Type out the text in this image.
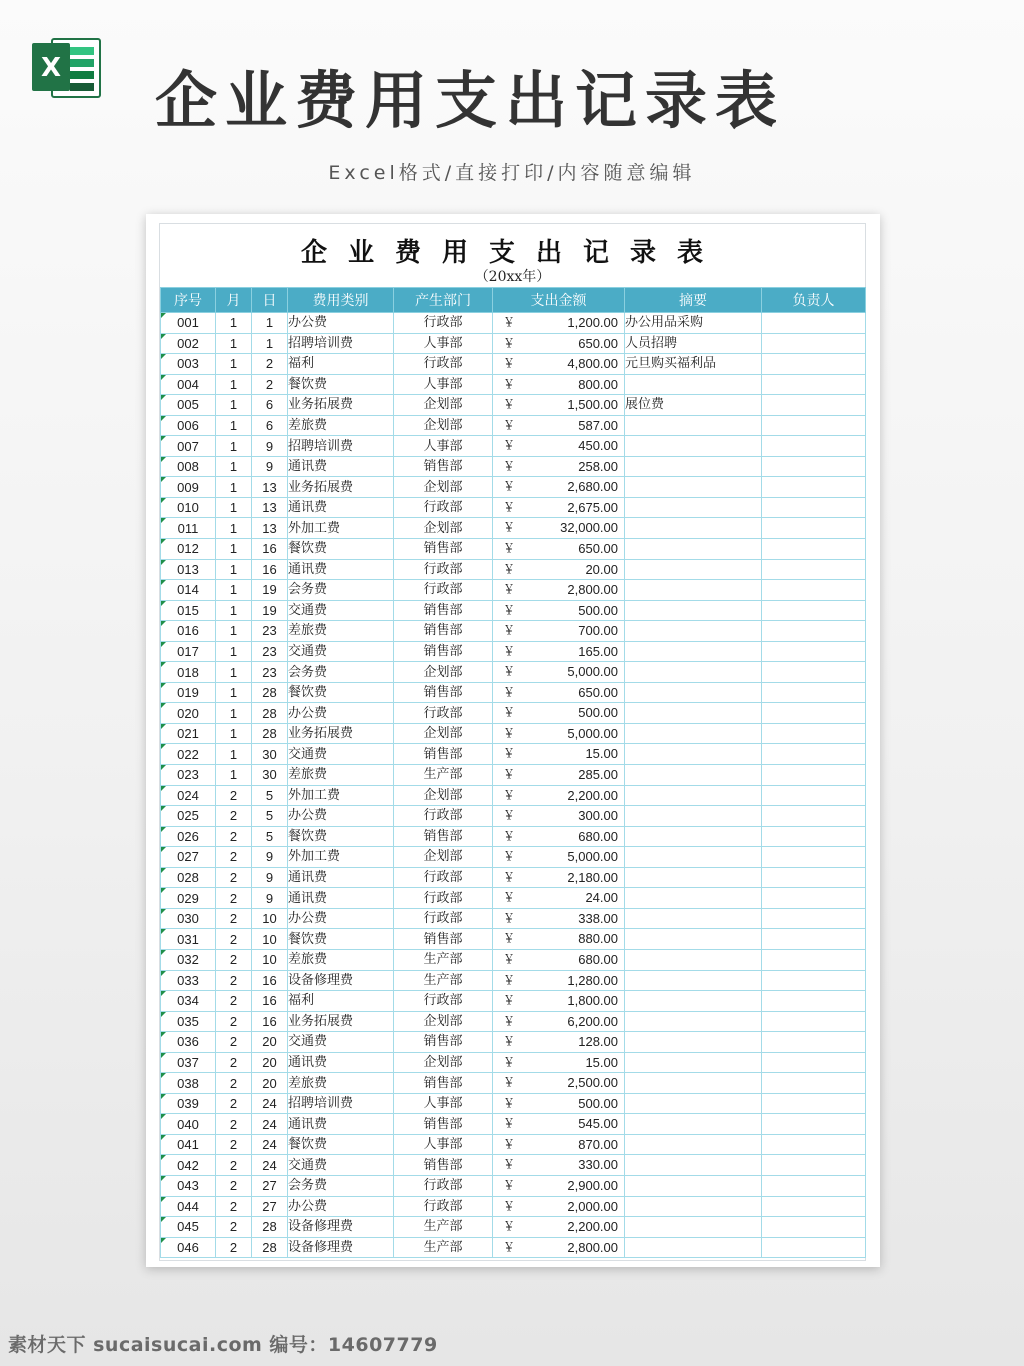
X 企业费用支出记录表
Excel格式/直接打印/内容随意编辑
企业费用支出记录表
（20xx年）
序号	月	日	费用类别	产生部门	支出金额	摘要	负责人
001	1	1	办公费	行政部	￥ 1,200.00	办公用品采购	
002	1	1	招聘培训费	人事部	￥ 650.00	人员招聘	
003	1	2	福利	行政部	￥ 4,800.00	元旦购买福利品	
004	1	2	餐饮费	人事部	￥ 800.00		

005	1	6	业务拓展费	企划部	￥ 1,500.00	展位费	
006	1	6	差旅费	企划部	￥ 587.00		

007	1	9	招聘培训费	人事部	￥ 450.00		

008	1	9	通讯费	销售部	￥ 258.00		

009	1	13	业务拓展费	企划部	￥ 2,680.00		

010	1	13	通讯费	行政部	￥ 2,675.00		

011	1	13	外加工费	企划部	￥ 32,000.00		

012	1	16	餐饮费	销售部	￥ 650.00		

013	1	16	通讯费	行政部	￥ 20.00		

014	1	19	会务费	行政部	￥ 2,800.00		

015	1	19	交通费	销售部	￥ 500.00		

016	1	23	差旅费	销售部	￥ 700.00		

017	1	23	交通费	销售部	￥ 165.00		

018	1	23	会务费	企划部	￥ 5,000.00		

019	1	28	餐饮费	销售部	￥ 650.00		

020	1	28	办公费	行政部	￥ 500.00		

021	1	28	业务拓展费	企划部	￥ 5,000.00		

022	1	30	交通费	销售部	￥ 15.00		

023	1	30	差旅费	生产部	￥ 285.00		

024	2	5	外加工费	企划部	￥ 2,200.00		

025	2	5	办公费	行政部	￥ 300.00		

026	2	5	餐饮费	销售部	￥ 680.00		

027	2	9	外加工费	企划部	￥ 5,000.00		

028	2	9	通讯费	行政部	￥ 2,180.00		

029	2	9	通讯费	行政部	￥ 24.00		

030	2	10	办公费	行政部	￥ 338.00		

031	2	10	餐饮费	销售部	￥ 880.00		

032	2	10	差旅费	生产部	￥ 680.00		

033	2	16	设备修理费	生产部	￥ 1,280.00		

034	2	16	福利	行政部	￥ 1,800.00		

035	2	16	业务拓展费	企划部	￥ 6,200.00		

036	2	20	交通费	销售部	￥ 128.00		

037	2	20	通讯费	企划部	￥ 15.00		

038	2	20	差旅费	销售部	￥ 2,500.00		

039	2	24	招聘培训费	人事部	￥ 500.00		

040	2	24	通讯费	销售部	￥ 545.00		

041	2	24	餐饮费	人事部	￥ 870.00		

042	2	24	交通费	销售部	￥ 330.00		

043	2	27	会务费	行政部	￥ 2,900.00		

044	2	27	办公费	行政部	￥ 2,000.00		

045	2	28	设备修理费	生产部	￥ 2,200.00		

046	2	28	设备修理费	生产部	￥ 2,800.00		

素材天下 sucaisucai.com 编号：14607779
